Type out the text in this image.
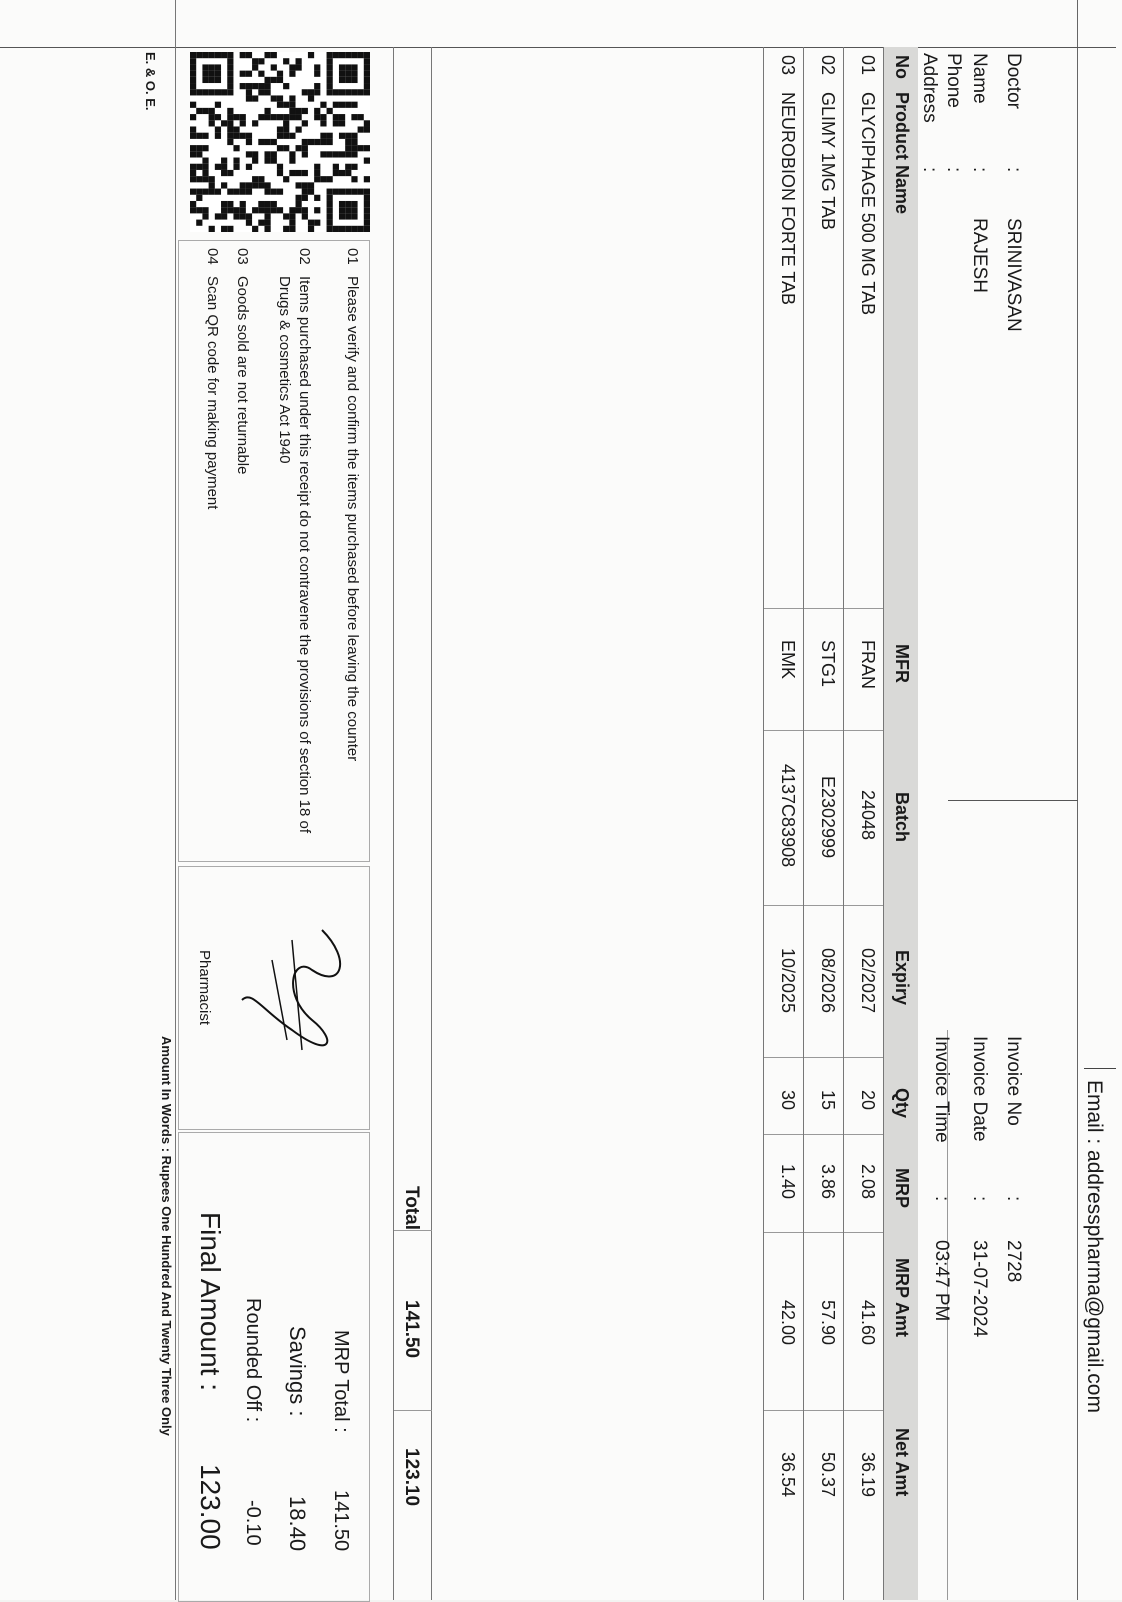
Email : addresspharma@gmail.com
Doctor
:
SRINIVASAN
Name
:
RAJESH
Phone
:
Address
:
Invoice No
:
2728
Invoice Date
:
31-07-2024
Invoice Time
:
03:47 PM
No
Product Name
MFR
Batch
Expiry
Qty
MRP
MRP Amt
Net Amt
01
GLYCIPHAGE 500 MG TAB
FRAN
24048
02/2027
20
2.08
41.60
36.19
02
GLIMY 1MG TAB
STG1
E2302999
08/2026
15
3.86
57.90
50.37
03
NEUROBION FORTE TAB
EMK
4137C83908
10/2025
30
1.40
42.00
36.54
Total
141.50
123.10
01
Please verify and confirm the items purchased before leaving the counter
02
Items purchased under this receipt do not contravene the provisions of section 18 of Drugs & cosmetics Act 1940
03
Goods sold are not returnable
04
Scan QR code for making payment
Pharmacist
MRP Total :
141.50
Savings :
18.40
Rounded Off :
-0.10
Final Amount :
123.00
Amount In Words : Rupees One Hundred And Twenty Three Only
E. & O. E.
